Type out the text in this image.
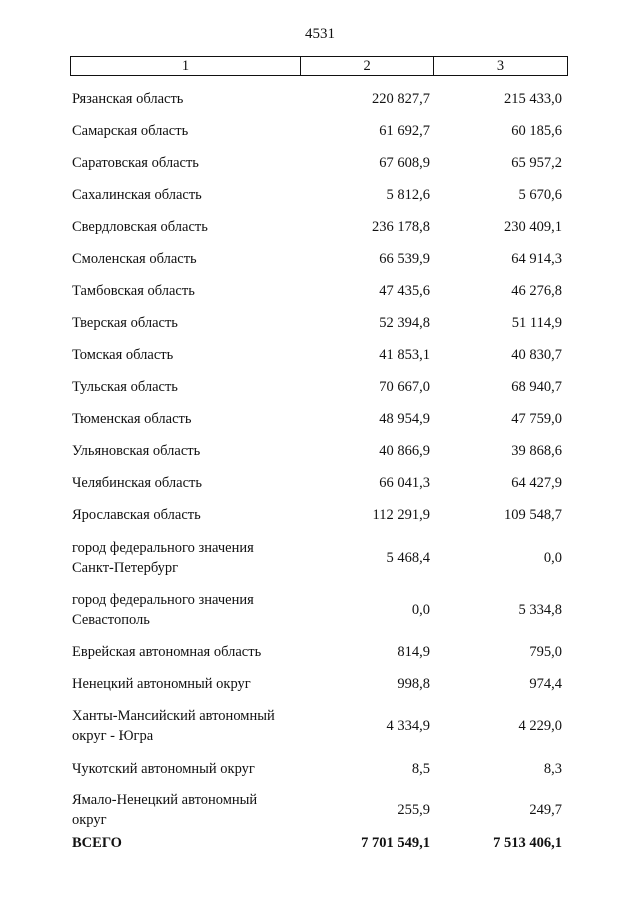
4531
1	2	3
Рязанская область	220 827,7	215 433,0
Самарская область	61 692,7	60 185,6
Саратовская область	67 608,9	65 957,2
Сахалинская область	5 812,6	5 670,6
Свердловская область	236 178,8	230 409,1
Смоленская область	66 539,9	64 914,3
Тамбовская область	47 435,6	46 276,8
Тверская область	52 394,8	51 114,9
Томская область	41 853,1	40 830,7
Тульская область	70 667,0	68 940,7
Тюменская область	48 954,9	47 759,0
Ульяновская область	40 866,9	39 868,6
Челябинская область	66 041,3	64 427,9
Ярославская область	112 291,9	109 548,7
город федерального значения
Санкт-Петербург
5 468,4	0,0
город федерального значения
Севастополь
0,0	5 334,8
Еврейская автономная область	814,9	795,0
Ненецкий автономный округ	998,8	974,4
Ханты-Мансийский автономный
округ - Югра
4 334,9	4 229,0
Чукотский автономный округ	8,5	8,3
Ямало-Ненецкий автономный
округ
255,9	249,7
ВСЕГО	7 701 549,1	7 513 406,1
